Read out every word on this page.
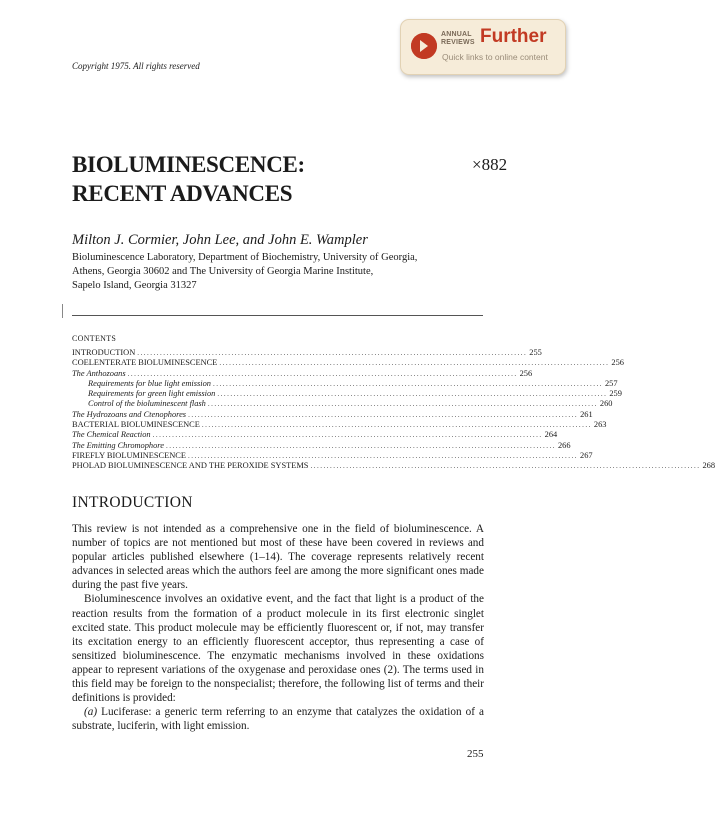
ANNUAL
REVIEWS Further
Quick links to online content
Copyright 1975. All rights reserved
BIOLUMINESCENCE:
RECENT ADVANCES
×882
Milton J. Cormier, John Lee, and John E. Wampler
Bioluminescence Laboratory, Department of Biochemistry, University of Georgia,
Athens, Georgia 30602 and The University of Georgia Marine Institute,
Sapelo Island, Georgia 31327
CONTENTS
INTRODUCTION ........................................................................................................................ 255
COELENTERATE BIOLUMINESCENCE ........................................................................................................................ 256
The Anthozoans ........................................................................................................................ 256
Requirements for blue light emission ........................................................................................................................ 257
Requirements for green light emission ........................................................................................................................ 259
Control of the bioluminescent flash ........................................................................................................................ 260
The Hydrozoans and Ctenophores ........................................................................................................................ 261
BACTERIAL BIOLUMINESCENCE ........................................................................................................................ 263
The Chemical Reaction ........................................................................................................................ 264
The Emitting Chromophore ........................................................................................................................ 266
FIREFLY BIOLUMINESCENCE ........................................................................................................................ 267
PHOLAD BIOLUMINESCENCE AND THE PEROXIDE SYSTEMS ........................................................................................................................ 268
INTRODUCTION

This review is not intended as a comprehensive one in the field of bioluminescence. A number of topics are not mentioned but most of these have been covered in reviews and popular articles published elsewhere (1–14). The coverage represents relatively recent advances in selected areas which the authors feel are among the more significant ones made during the past five years.

Bioluminescence involves an oxidative event, and the fact that light is a product of the reaction results from the formation of a product molecule in its first electronic singlet excited state. This product molecule may be efficiently fluorescent or, if not, may transfer its excitation energy to an efficiently fluorescent acceptor, thus representing a case of sensitized bioluminescence. The enzymatic mechanisms involved in these oxidations appear to represent variations of the oxygenase and peroxidase ones (2). The terms used in this field may be foreign to the nonspecialist; therefore, the following list of terms and their definitions is provided:

(a) Luciferase: a generic term referring to an enzyme that catalyzes the oxidation of a substrate, luciferin, with light emission.

255
